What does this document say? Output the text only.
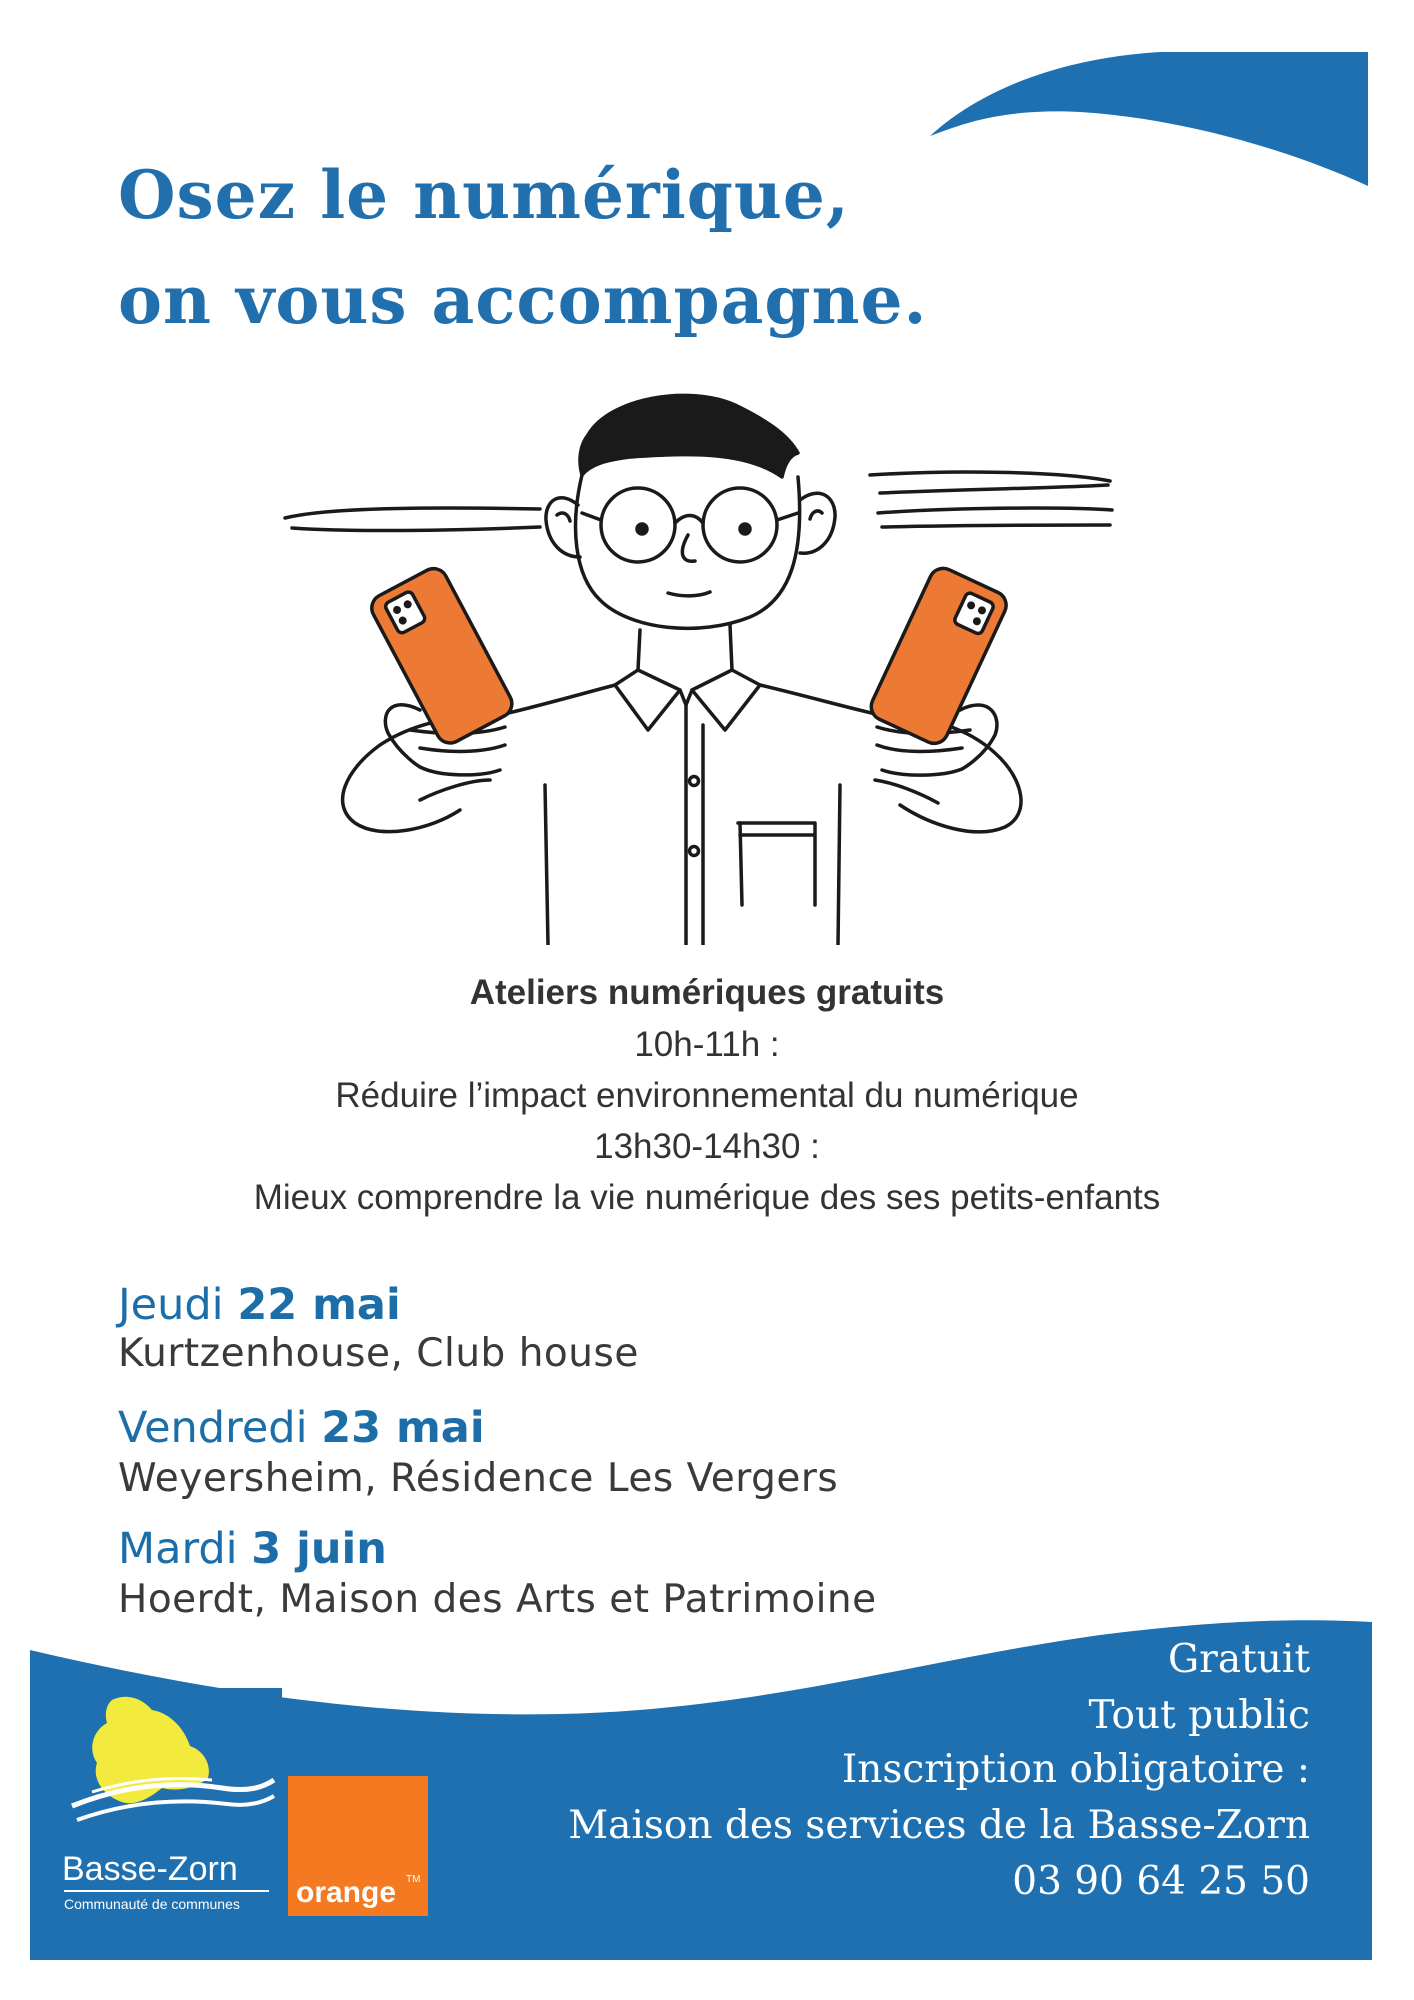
Osez le numérique,
on vous accompagne.
Ateliers numériques gratuits
10h-11h :
Réduire l’impact environnemental du numérique
13h30-14h30 :
Mieux comprendre la vie numérique des ses petits-enfants
Jeudi 22 mai
Kurtzenhouse, Club house
Vendredi 23 mai
Weyersheim, Résidence Les Vergers
Mardi 3 juin
Hoerdt, Maison des Arts et Patrimoine
Gratuit
Tout public
Inscription obligatoire :
Maison des services de la Basse-Zorn
03 90 64 25 50
Basse-Zorn
Communauté de communes orange TM
